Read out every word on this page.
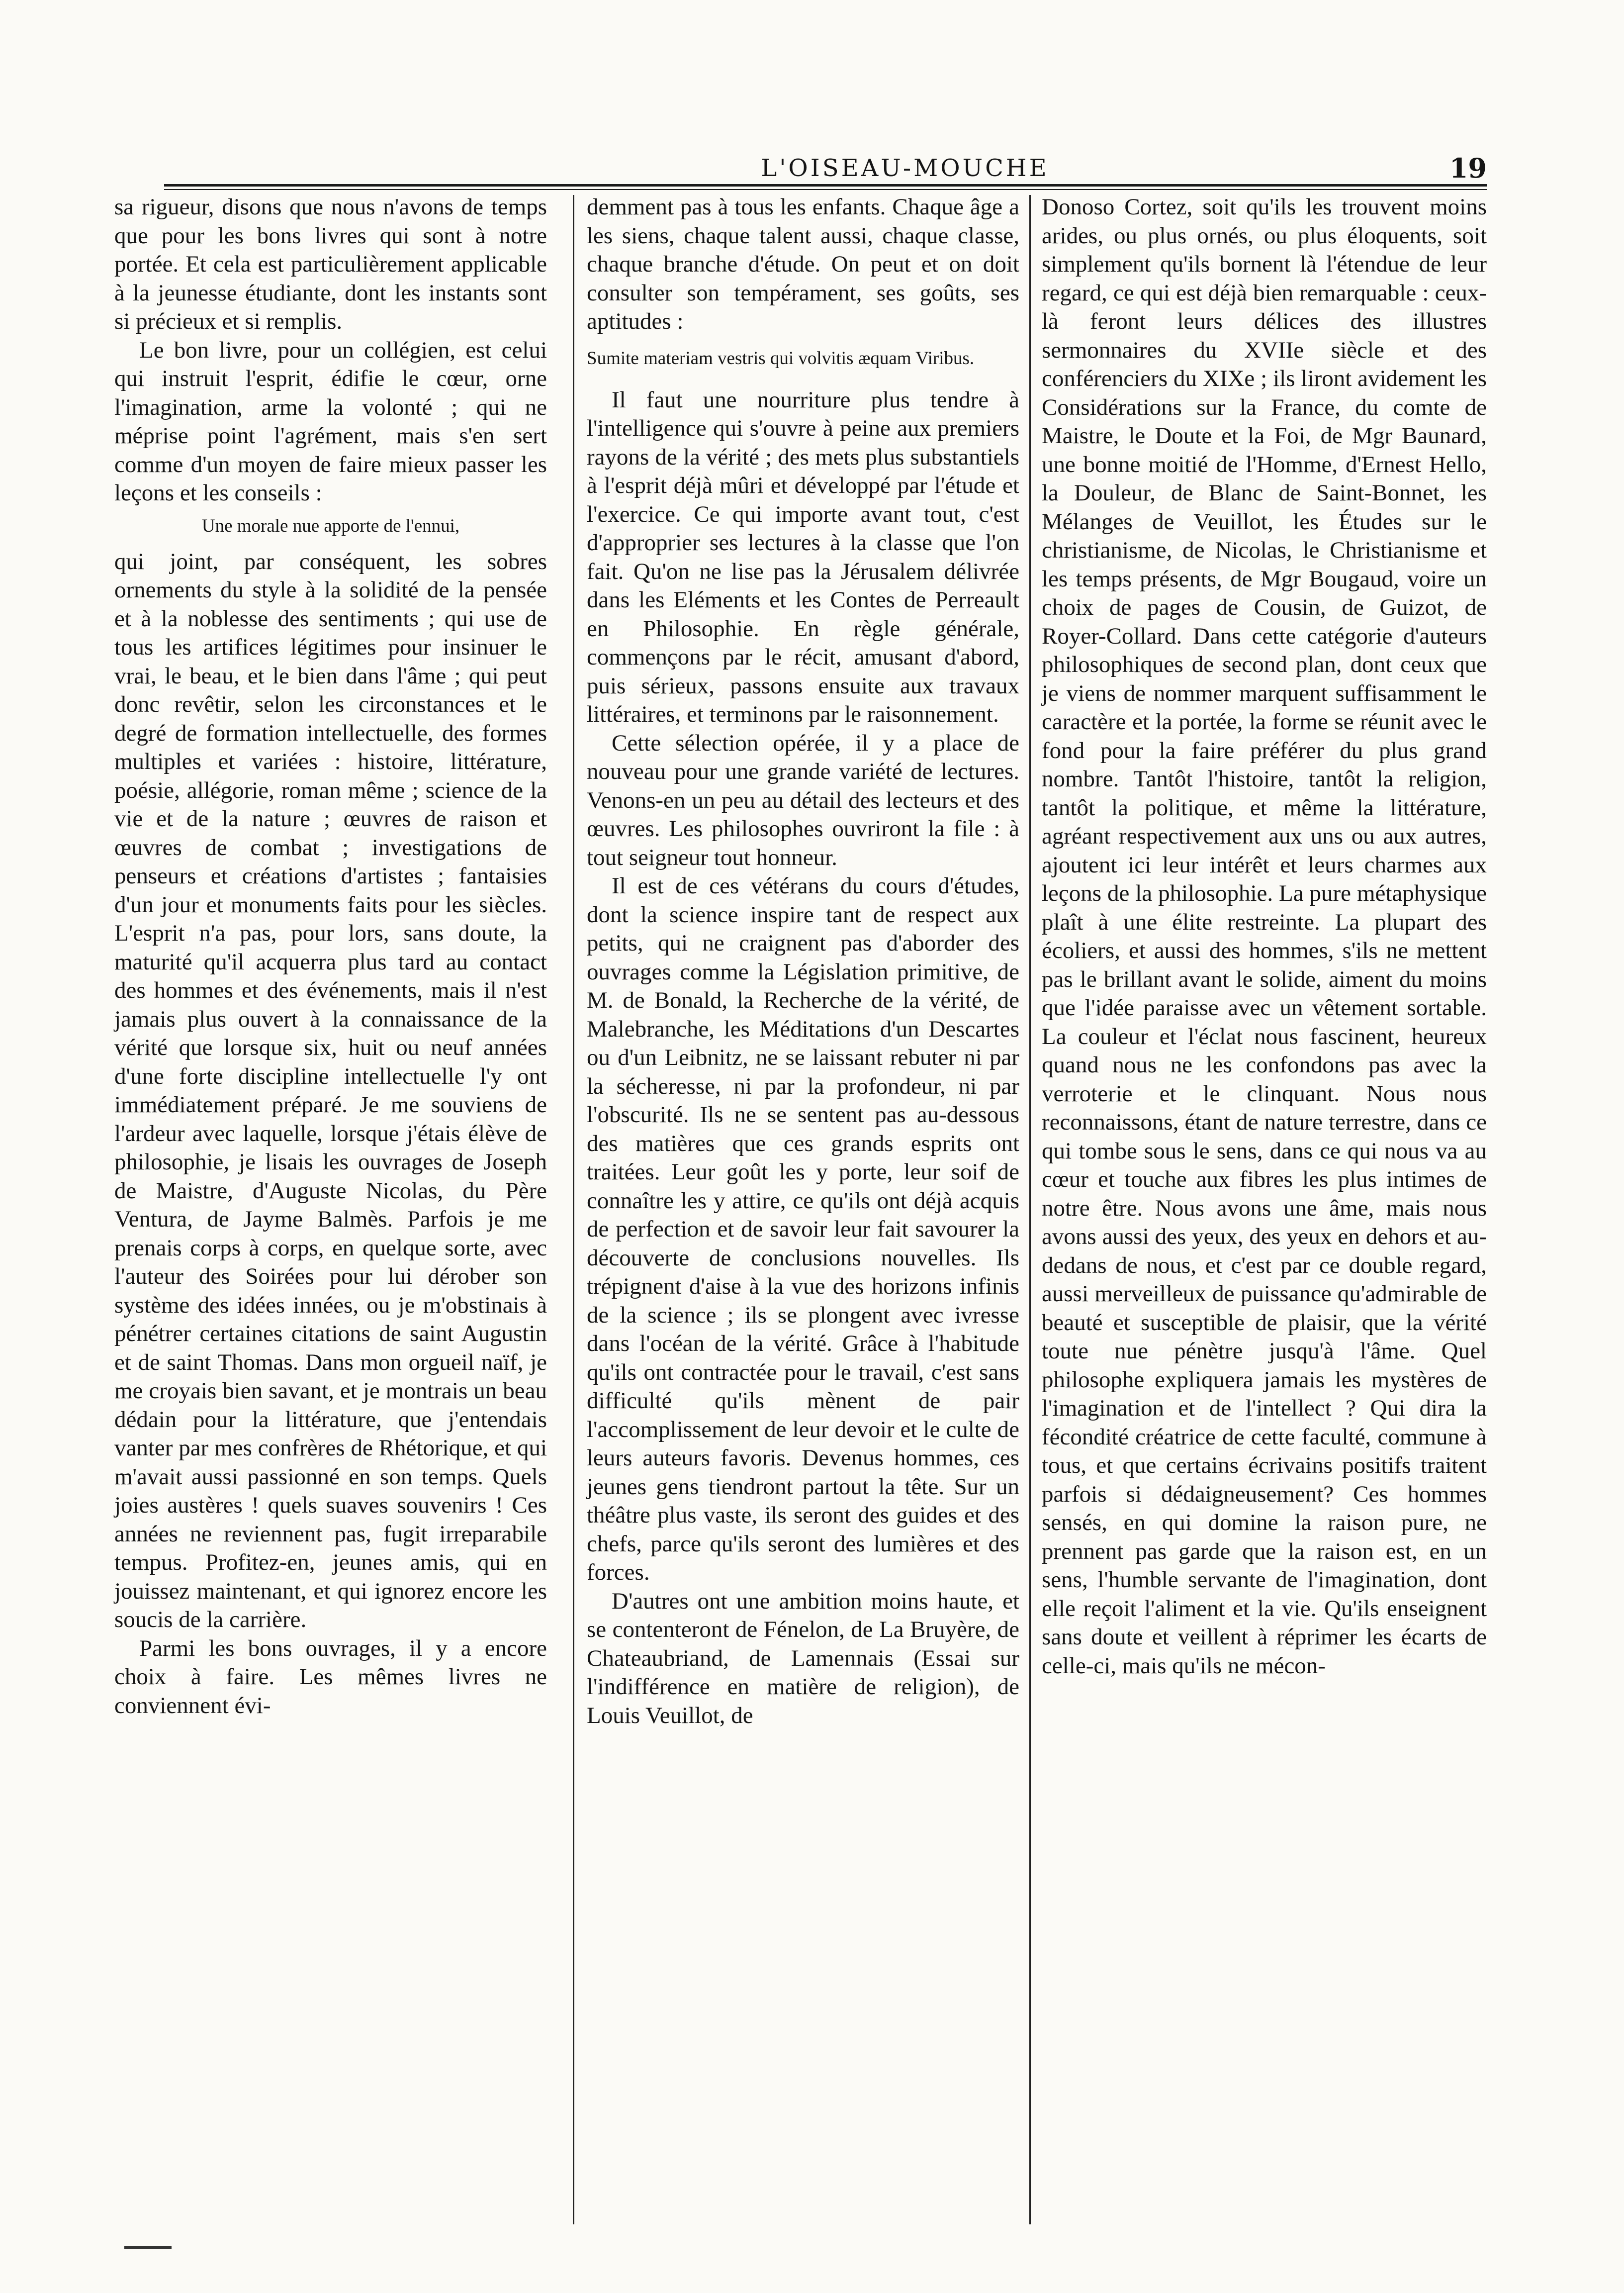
L'OISEAU-MOUCHE	19

sa rigueur, disons que nous n'avons de temps que pour les bons livres qui sont à notre portée. Et cela est particulièrement applicable à la jeunesse étudiante, dont les instants sont si précieux et si remplis.

Le bon livre, pour un collégien, est celui qui instruit l'esprit, édifie le cœur, orne l'imagination, arme la volonté ; qui ne méprise point l'agrément, mais s'en sert comme d'un moyen de faire mieux passer les leçons et les conseils :

Une morale nue apporte de l'ennui,

qui joint, par conséquent, les sobres ornements du style à la solidité de la pensée et à la noblesse des sentiments ; qui use de tous les artifices légitimes pour insinuer le vrai, le beau, et le bien dans l'âme ; qui peut donc revêtir, selon les circonstances et le degré de formation intellectuelle, des formes multiples et variées : histoire, littérature, poésie, allégorie, roman même ; science de la vie et de la nature ; œuvres de raison et œuvres de combat ; investigations de penseurs et créations d'artistes ; fantaisies d'un jour et monuments faits pour les siècles. L'esprit n'a pas, pour lors, sans doute, la maturité qu'il acquerra plus tard au contact des hommes et des événements, mais il n'est jamais plus ouvert à la connaissance de la vérité que lorsque six, huit ou neuf années d'une forte discipline intellectuelle l'y ont immédiatement préparé. Je me souviens de l'ardeur avec laquelle, lorsque j'étais élève de philosophie, je lisais les ouvrages de Joseph de Maistre, d'Auguste Nicolas, du Père Ventura, de Jayme Balmès. Parfois je me prenais corps à corps, en quelque sorte, avec l'auteur des Soirées pour lui dérober son système des idées innées, ou je m'obstinais à pénétrer certaines citations de saint Augustin et de saint Thomas. Dans mon orgueil naïf, je me croyais bien savant, et je montrais un beau dédain pour la littérature, que j'entendais vanter par mes confrères de Rhétorique, et qui m'avait aussi passionné en son temps. Quels joies austères ! quels suaves souvenirs ! Ces années ne reviennent pas, fugit irreparabile tempus. Profitez-en, jeunes amis, qui en jouissez maintenant, et qui ignorez encore les soucis de la carrière.

Parmi les bons ouvrages, il y a encore choix à faire. Les mêmes livres ne conviennent évi-

demment pas à tous les enfants. Chaque âge a les siens, chaque talent aussi, chaque classe, chaque branche d'étude. On peut et on doit consulter son tempérament, ses goûts, ses aptitudes :

Sumite materiam vestris qui volvitis æquam Viribus.

Il faut une nourriture plus tendre à l'intelligence qui s'ouvre à peine aux premiers rayons de la vérité ; des mets plus substantiels à l'esprit déjà mûri et développé par l'étude et l'exercice. Ce qui importe avant tout, c'est d'approprier ses lectures à la classe que l'on fait. Qu'on ne lise pas la Jérusalem délivrée dans les Eléments et les Contes de Perreault en Philosophie. En règle générale, commençons par le récit, amusant d'abord, puis sérieux, passons ensuite aux travaux littéraires, et terminons par le raisonnement.

Cette sélection opérée, il y a place de nouveau pour une grande variété de lectures. Venons-en un peu au détail des lecteurs et des œuvres. Les philosophes ouvriront la file : à tout seigneur tout honneur.

Il est de ces vétérans du cours d'études, dont la science inspire tant de respect aux petits, qui ne craignent pas d'aborder des ouvrages comme la Législation primitive, de M. de Bonald, la Recherche de la vérité, de Malebranche, les Méditations d'un Descartes ou d'un Leibnitz, ne se laissant rebuter ni par la sécheresse, ni par la profondeur, ni par l'obscurité. Ils ne se sentent pas au-dessous des matières que ces grands esprits ont traitées. Leur goût les y porte, leur soif de connaître les y attire, ce qu'ils ont déjà acquis de perfection et de savoir leur fait savourer la découverte de conclusions nouvelles. Ils trépignent d'aise à la vue des horizons infinis de la science ; ils se plongent avec ivresse dans l'océan de la vérité. Grâce à l'habitude qu'ils ont contractée pour le travail, c'est sans difficulté qu'ils mènent de pair l'accomplissement de leur devoir et le culte de leurs auteurs favoris. Devenus hommes, ces jeunes gens tiendront partout la tête. Sur un théâtre plus vaste, ils seront des guides et des chefs, parce qu'ils seront des lumières et des forces.

D'autres ont une ambition moins haute, et se contenteront de Fénelon, de La Bruyère, de Chateaubriand, de Lamennais (Essai sur l'indifférence en matière de religion), de Louis Veuillot, de

Donoso Cortez, soit qu'ils les trouvent moins arides, ou plus ornés, ou plus éloquents, soit simplement qu'ils bornent là l'étendue de leur regard, ce qui est déjà bien remarquable : ceux-là feront leurs délices des illustres sermonnaires du XVIIe siècle et des conférenciers du XIXe ; ils liront avidement les Considérations sur la France, du comte de Maistre, le Doute et la Foi, de Mgr Baunard, une bonne moitié de l'Homme, d'Ernest Hello, la Douleur, de Blanc de Saint-Bonnet, les Mélanges de Veuillot, les Études sur le christianisme, de Nicolas, le Christianisme et les temps présents, de Mgr Bougaud, voire un choix de pages de Cousin, de Guizot, de Royer-Collard. Dans cette catégorie d'auteurs philosophiques de second plan, dont ceux que je viens de nommer marquent suffisamment le caractère et la portée, la forme se réunit avec le fond pour la faire préférer du plus grand nombre. Tantôt l'histoire, tantôt la religion, tantôt la politique, et même la littérature, agréant respectivement aux uns ou aux autres, ajoutent ici leur intérêt et leurs charmes aux leçons de la philosophie. La pure métaphysique plaît à une élite restreinte. La plupart des écoliers, et aussi des hommes, s'ils ne mettent pas le brillant avant le solide, aiment du moins que l'idée paraisse avec un vêtement sortable. La couleur et l'éclat nous fascinent, heureux quand nous ne les confondons pas avec la verroterie et le clinquant. Nous nous reconnaissons, étant de nature terrestre, dans ce qui tombe sous le sens, dans ce qui nous va au cœur et touche aux fibres les plus intimes de notre être. Nous avons une âme, mais nous avons aussi des yeux, des yeux en dehors et au-dedans de nous, et c'est par ce double regard, aussi merveilleux de puissance qu'admirable de beauté et susceptible de plaisir, que la vérité toute nue pénètre jusqu'à l'âme. Quel philosophe expliquera jamais les mystères de l'imagination et de l'intellect ? Qui dira la fécondité créatrice de cette faculté, commune à tous, et que certains écrivains positifs traitent parfois si dédaigneusement? Ces hommes sensés, en qui domine la raison pure, ne prennent pas garde que la raison est, en un sens, l'humble servante de l'imagination, dont elle reçoit l'aliment et la vie. Qu'ils enseignent sans doute et veillent à réprimer les écarts de celle-ci, mais qu'ils ne mécon-
